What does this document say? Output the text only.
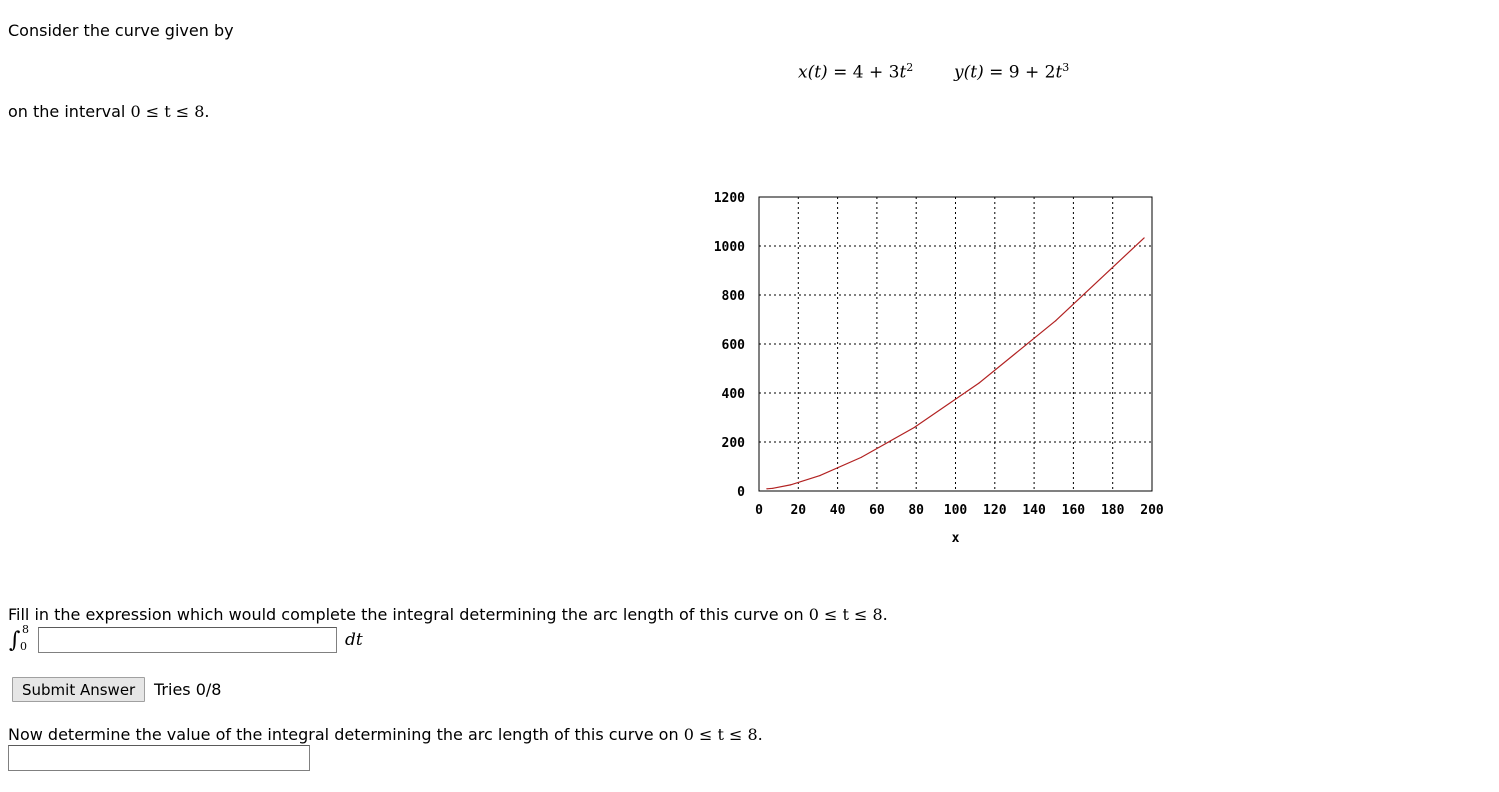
Consider the curve given by
$x(t) = 4 + 3t^2$ $y(t) = 9 + 2t^3$
on the interval 0 ≤ t ≤ 8.
0 20 40 60 80 100 120 140 160 180 200
0
200
400
600
800
1000
1200
x
Fill in the expression which would complete the integral determining the arc length of this curve on 0 ≤ t ≤ 8.
∫ 8
0	dt
Submit Answer	Tries 0/8
Now determine the value of the integral determining the arc length of this curve on 0 ≤ t ≤ 8.
